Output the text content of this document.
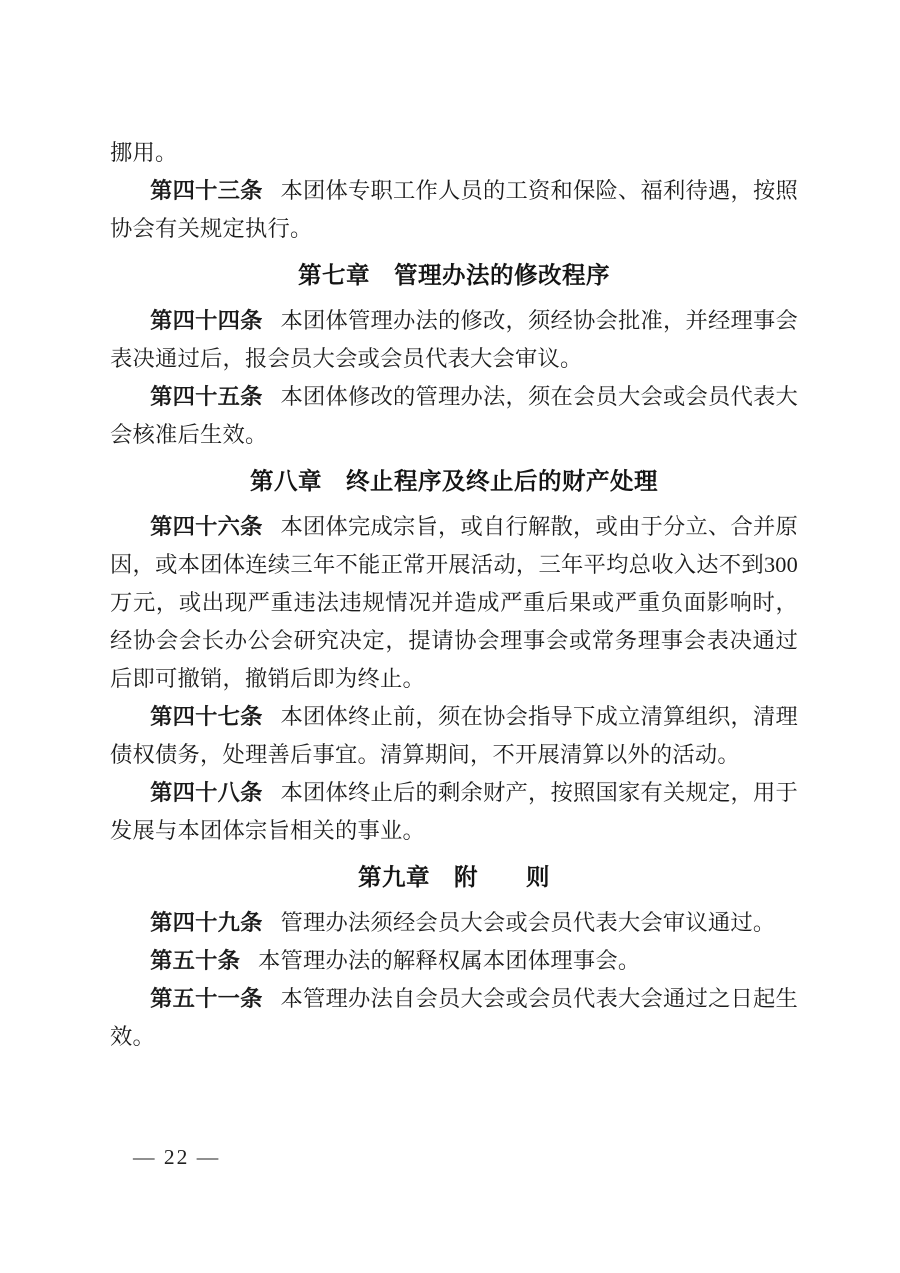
挪用。

第四十三条 本团体专职工作人员的工资和保险、福利待遇，按照协会有关规定执行。

第七章　管理办法的修改程序

第四十四条 本团体管理办法的修改，须经协会批准，并经理事会表决通过后，报会员大会或会员代表大会审议。

第四十五条 本团体修改的管理办法，须在会员大会或会员代表大会核准后生效。

第八章　终止程序及终止后的财产处理

第四十六条 本团体完成宗旨，或自行解散，或由于分立、合并原因，或本团体连续三年不能正常开展活动，三年平均总收入达不到300 万元，或出现严重违法违规情况并造成严重后果或严重负面影响时，经协会会长办公会研究决定，提请协会理事会或常务理事会表决通过后即可撤销，撤销后即为终止。

第四十七条 本团体终止前，须在协会指导下成立清算组织，清理债权债务，处理善后事宜。清算期间，不开展清算以外的活动。

第四十八条 本团体终止后的剩余财产，按照国家有关规定，用于发展与本团体宗旨相关的事业。

第九章　附　　则

第四十九条 管理办法须经会员大会或会员代表大会审议通过。

第五十条 本管理办法的解释权属本团体理事会。

第五十一条 本管理办法自会员大会或会员代表大会通过之日起生效。

— 22 —
